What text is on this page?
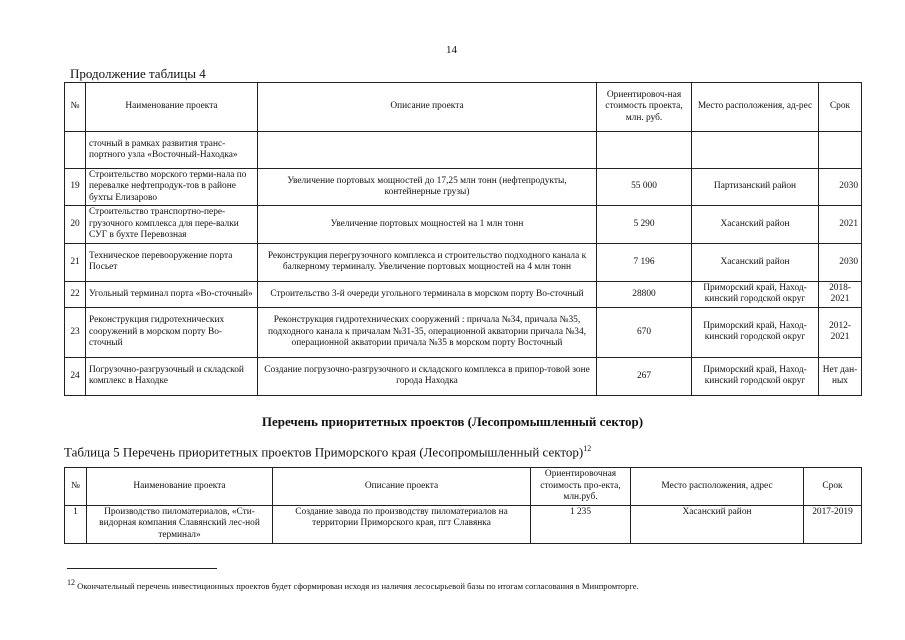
14
Продолжение таблицы 4
№	Наименование проекта	Описание проекта	Ориентировоч-ная стоимость проекта, млн. руб.	Место расположения, ад-рес	Срок
	сточный в рамках развития транс-портного узла «Восточный-Находка»				
19	Строительство морского терми-нала по перевалке нефтепродук-тов в районе бухты Елизарово	Увеличение портовых мощностей до 17,25 млн тонн (нефтепродукты, контейнерные грузы)	55 000	Партизанский район	2030
20	Строительство транспортно-пере-грузочного комплекса для пере-валки СУГ в бухте Перевозная	Увеличение портовых мощностей на 1 млн тонн	5 290	Хасанский район	2021
21	Техническое перевооружение порта Посьет	Реконструкция перегрузочного комплекса и строительство подходного канала к балкерному терминалу. Увеличение портовых мощностей на 4 млн тонн	7 196	Хасанский район	2030
22	Угольный терминал порта «Во-сточный»	Строительство 3-й очереди угольного терминала в морском порту Во-сточный	28800	Приморский край, Наход-кинский городской округ	2018-2021
23	Реконструкция гидротехнических сооружений в морском порту Во-сточный	Реконструкция гидротехнических сооружений : причала №34, причала №35, подходного канала к причалам №31-35, операционной акватории причала №34, операционной акватории причала №35 в морском порту Восточный	670	Приморский край, Наход-кинский городской округ	2012-2021
24	Погрузочно-разгрузочный и складской комплекс в Находке	Создание погрузочно-разгрузочного и складского комплекса в припор-товой зоне города Находка	267	Приморский край, Наход-кинский городской округ	Нет дан-ных
Перечень приоритетных проектов (Лесопромышленный сектор)
Таблица 5 Перечень приоритетных проектов Приморского края (Лесопромышленный сектор)$^{12}$
№	Наименование проекта	Описание проекта	Ориентировочная стоимость про-екта, млн.руб.	Место расположения, адрес	Срок
1	Производство пиломатериалов, «Сти-видорная компания Славянский лес-ной терминал»	Создание завода по производству пиломатериалов на территории Приморского края, пгт Славянка	1 235	Хасанский район	2017-2019
$^{12}$ Окончательный перечень инвестиционных проектов будет сформирован исходя из наличия лесосырьевой базы по итогам согласования в Минпромторге.
